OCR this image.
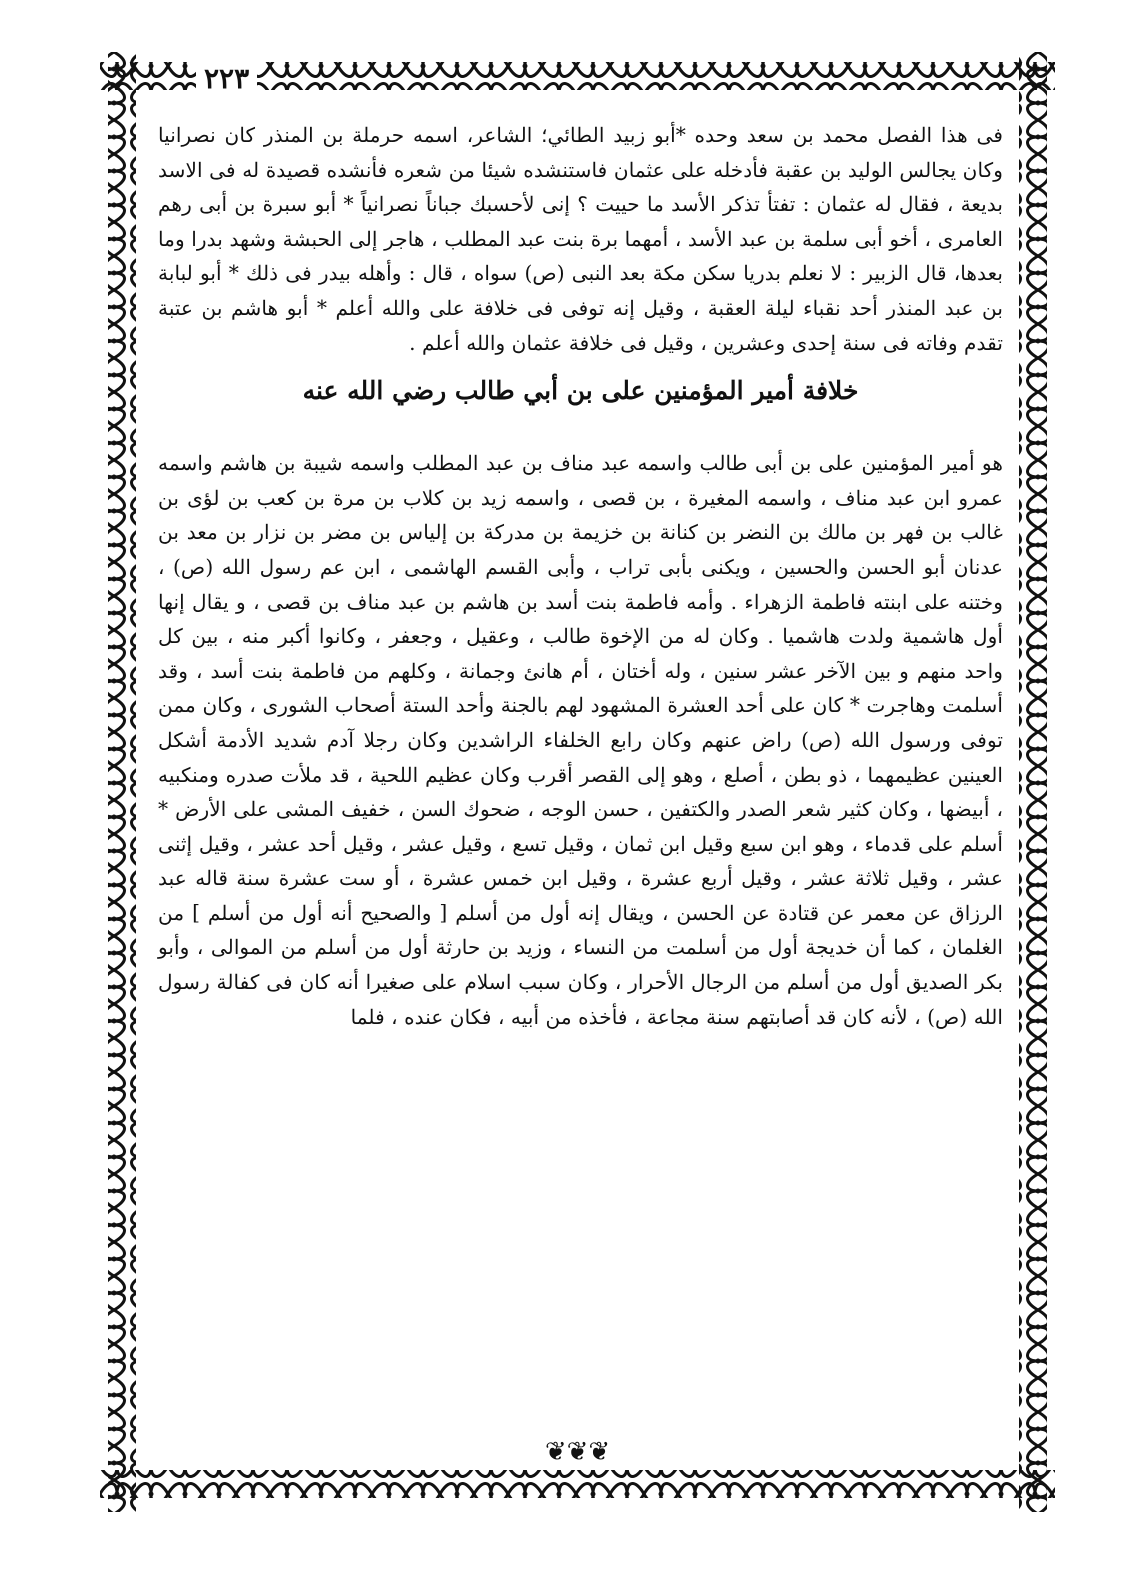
٢٢٣

فى هذا الفصل محمد بن سعد وحده *أبو زبيد الطائي؛ الشاعر، اسمه حرملة بن المنذر كان نصرانيا وكان يجالس الوليد بن عقبة فأدخله على عثمان فاستنشده شيئا من شعره فأنشده قصيدة له فى الاسد بديعة ، فقال له عثمان : تفتأ تذكر الأسد ما حييت ؟ إنى لأحسبك جباناً نصرانياً * أبو سبرة بن أبى رهم العامرى ، أخو أبى سلمة بن عبد الأسد ، أمهما برة بنت عبد المطلب ، هاجر إلى الحبشة وشهد بدرا وما بعدها، قال الزبير : لا نعلم بدريا سكن مكة بعد النبى (ص) سواه ، قال : وأهله بيدر فى ذلك * أبو لبابة بن عبد المنذر أحد نقباء ليلة العقبة ، وقيل إنه توفى فى خلافة على والله أعلم * أبو هاشم بن عتبة تقدم وفاته فى سنة إحدى وعشرين ، وقيل فى خلافة عثمان والله أعلم .

خلافة أمير المؤمنين على بن أبي طالب رضي الله عنه

هو أمير المؤمنين على بن أبى طالب واسمه عبد مناف بن عبد المطلب واسمه شيبة بن هاشم واسمه عمرو ابن عبد مناف ، واسمه المغيرة ، بن قصى ، واسمه زيد بن كلاب بن مرة بن كعب بن لؤى بن غالب بن فهر بن مالك بن النضر بن كنانة بن خزيمة بن مدركة بن إلياس بن مضر بن نزار بن معد بن عدنان أبو الحسن والحسين ، ويكنى بأبى تراب ، وأبى القسم الهاشمى ، ابن عم رسول الله (ص) ، وختنه على ابنته فاطمة الزهراء . وأمه فاطمة بنت أسد بن هاشم بن عبد مناف بن قصى ، و يقال إنها أول هاشمية ولدت هاشميا . وكان له من الإخوة طالب ، وعقيل ، وجعفر ، وكانوا أكبر منه ، بين كل واحد منهم و بين الآخر عشر سنين ، وله أختان ، أم هانئ وجمانة ، وكلهم من فاطمة بنت أسد ، وقد أسلمت وهاجرت * كان على أحد العشرة المشهود لهم بالجنة وأحد الستة أصحاب الشورى ، وكان ممن توفى ورسول الله (ص) راض عنهم وكان رابع الخلفاء الراشدين وكان رجلا آدم شديد الأدمة أشكل العينين عظيمهما ، ذو بطن ، أصلع ، وهو إلى القصر أقرب وكان عظيم اللحية ، قد ملأت صدره ومنكبيه ، أبيضها ، وكان كثير شعر الصدر والكتفين ، حسن الوجه ، ضحوك السن ، خفيف المشى على الأرض * أسلم على قدماء ، وهو ابن سبع وقيل ابن ثمان ، وقيل تسع ، وقيل عشر ، وقيل أحد عشر ، وقيل إثنى عشر ، وقيل ثلاثة عشر ، وقيل أربع عشرة ، وقيل ابن خمس عشرة ، أو ست عشرة سنة قاله عبد الرزاق عن معمر عن قتادة عن الحسن ، ويقال إنه أول من أسلم [ والصحيح أنه أول من أسلم ] من الغلمان ، كما أن خديجة أول من أسلمت من النساء ، وزيد بن حارثة أول من أسلم من الموالى ، وأبو بكر الصديق أول من أسلم من الرجال الأحرار ، وكان سبب اسلام على صغيرا أنه كان فى كفالة رسول الله (ص) ، لأنه كان قد أصابتهم سنة مجاعة ، فأخذه من أبيه ، فكان عنده ، فلما

❦❦❦
